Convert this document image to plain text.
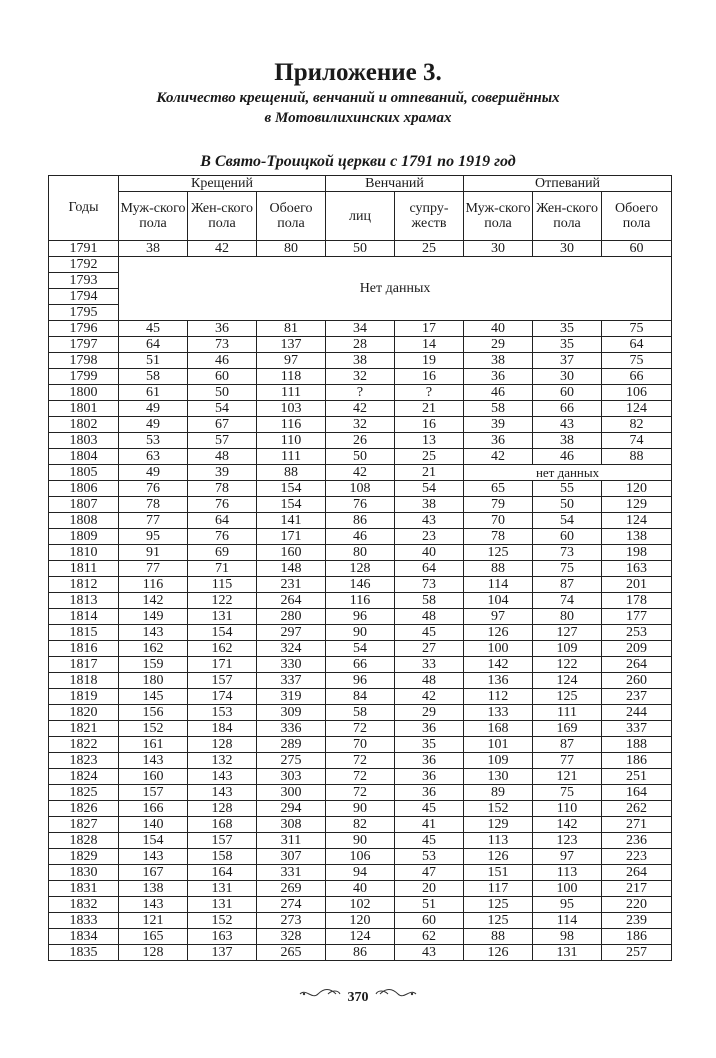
Приложение 3.
Количество крещений, венчаний и отпеваний, совершённых
в Мотовилихинских храмах
В Свято-Троицкой церкви с 1791 по 1919 год
Годы	Крещений			Венчаний		Отпеваний		
	Муж-ского пола	Жен-ского пола	Обоего пола	лиц	супру-жеств	Муж-ского пола	Жен-ского пола	Обоего пола
1791	38	42	80	50	25	30	30	60
1792	Нет данных							
1793								
1794								
1795								
1796	45	36	81	34	17	40	35	75
1797	64	73	137	28	14	29	35	64
1798	51	46	97	38	19	38	37	75
1799	58	60	118	32	16	36	30	66
1800	61	50	111	?	?	46	60	106
1801	49	54	103	42	21	58	66	124
1802	49	67	116	32	16	39	43	82
1803	53	57	110	26	13	36	38	74
1804	63	48	111	50	25	42	46	88
1805	49	39	88	42	21	нет данных		
1806	76	78	154	108	54	65	55	120
1807	78	76	154	76	38	79	50	129
1808	77	64	141	86	43	70	54	124
1809	95	76	171	46	23	78	60	138
1810	91	69	160	80	40	125	73	198
1811	77	71	148	128	64	88	75	163
1812	116	115	231	146	73	114	87	201
1813	142	122	264	116	58	104	74	178
1814	149	131	280	96	48	97	80	177
1815	143	154	297	90	45	126	127	253
1816	162	162	324	54	27	100	109	209
1817	159	171	330	66	33	142	122	264
1818	180	157	337	96	48	136	124	260
1819	145	174	319	84	42	112	125	237
1820	156	153	309	58	29	133	111	244
1821	152	184	336	72	36	168	169	337
1822	161	128	289	70	35	101	87	188
1823	143	132	275	72	36	109	77	186
1824	160	143	303	72	36	130	121	251
1825	157	143	300	72	36	89	75	164
1826	166	128	294	90	45	152	110	262
1827	140	168	308	82	41	129	142	271
1828	154	157	311	90	45	113	123	236
1829	143	158	307	106	53	126	97	223
1830	167	164	331	94	47	151	113	264
1831	138	131	269	40	20	117	100	217
1832	143	131	274	102	51	125	95	220
1833	121	152	273	120	60	125	114	239
1834	165	163	328	124	62	88	98	186
1835	128	137	265	86	43	126	131	257
370
